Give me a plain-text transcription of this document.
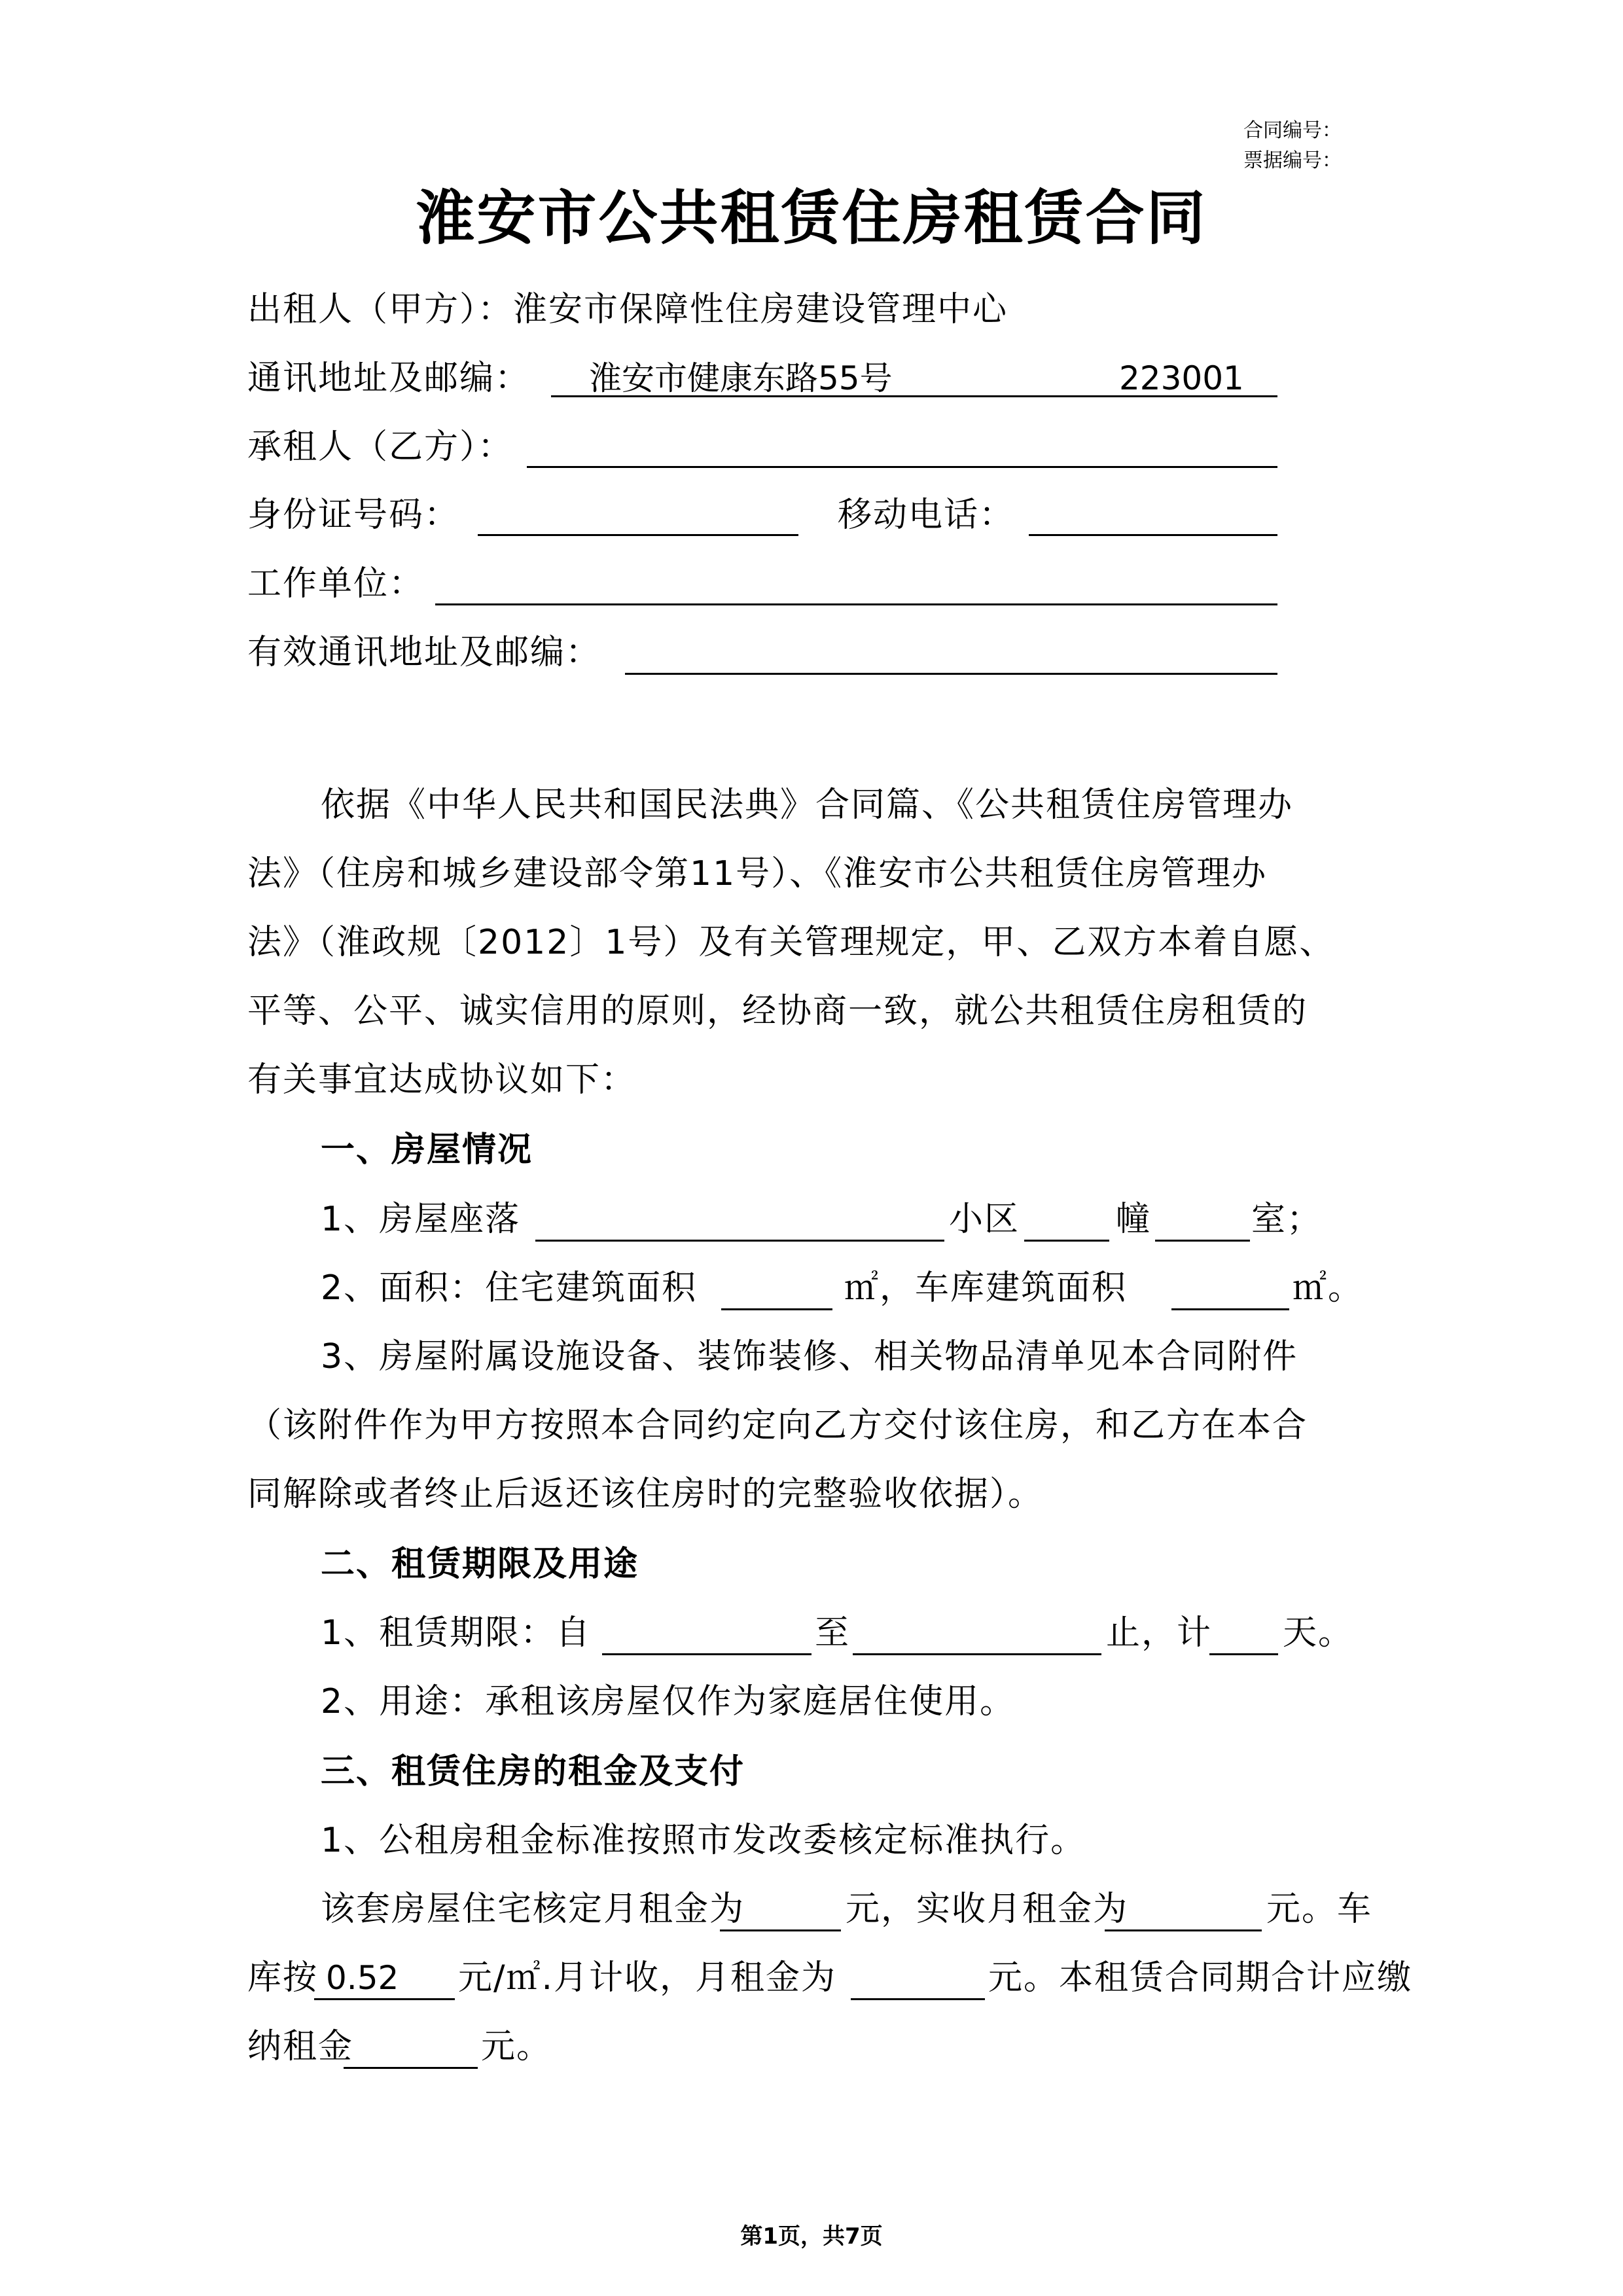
合同编号：
票据编号：
淮安市公共租赁住房租赁合同
出租人（甲方）：淮安市保障性住房建设管理中心
通讯地址及邮编： 淮安市健康东路55号	223001
承租人（乙方）：
身份证号码：	移动电话：
工作单位：
有效通讯地址及邮编：
依据《中华人民共和国民法典》合同篇、《公共租赁住房管理办
法》（住房和城乡建设部令第11号）、《淮安市公共租赁住房管理办
法》（淮政规〔2012〕1号）及有关管理规定，甲、乙双方本着自愿、
平等、公平、诚实信用的原则，经协商一致，就公共租赁住房租赁的
有关事宜达成协议如下：
一、房屋情况
1、房屋座落	小区	幢	室；
2、面积：住宅建筑面积	㎡，车库建筑面积	㎡。
3、房屋附属设施设备、装饰装修、相关物品清单见本合同附件
（该附件作为甲方按照本合同约定向乙方交付该住房，和乙方在本合
同解除或者终止后返还该住房时的完整验收依据）。
二、租赁期限及用途
1、租赁期限：自	至	止，计 天。
2、用途：承租该房屋仅作为家庭居住使用。
三、租赁住房的租金及支付
1、公租房租金标准按照市发改委核定标准执行。
该套房屋住宅核定月租金为	元，实收月租金为	元。车
库按 0.52 元/㎡.月计收，月租金为	元。本租赁合同期合计应缴
纳租金	元。
第1页，共7页
